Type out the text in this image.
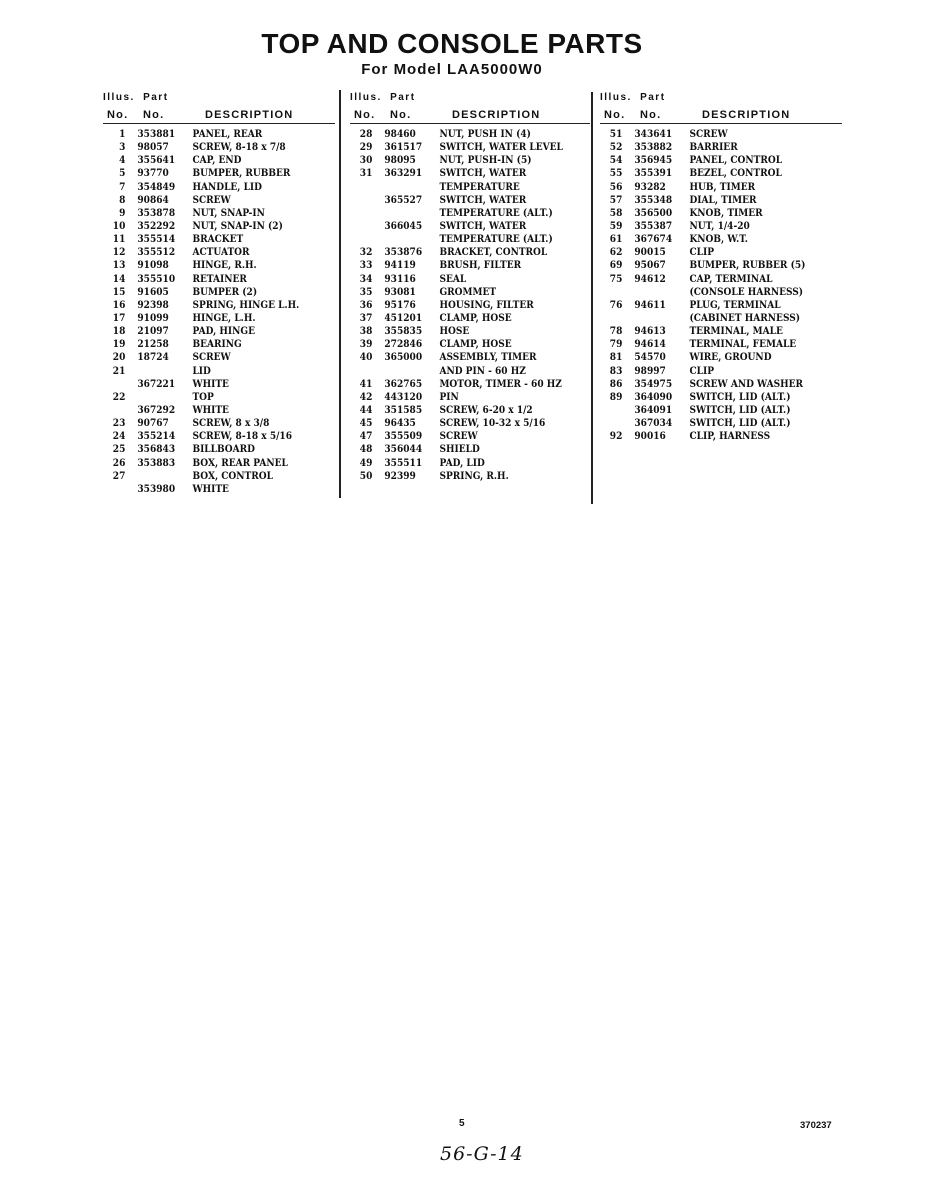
TOP AND CONSOLE PARTS
For Model LAA5000W0
Illus. Part
No. No.	DESCRIPTION
1 353881 PANEL, REAR
3 98057 SCREW, 8-18 x 7/8
4 355641 CAP, END
5 93770 BUMPER, RUBBER
7 354849 HANDLE, LID
8 90864 SCREW
9 353878 NUT, SNAP-IN
10 352292 NUT, SNAP-IN (2)
11 355514 BRACKET
12 355512 ACTUATOR
13 91098 HINGE, R.H.
14 355510 RETAINER
15 91605 BUMPER (2)
16 92398 SPRING, HINGE L.H.
17 91099 HINGE, L.H.
18 21097 PAD, HINGE
19 21258 BEARING
20 18724 SCREW
21	LID
367221 WHITE
22	TOP
367292 WHITE
23 90767 SCREW, 8 x 3/8
24 355214 SCREW, 8-18 x 5/16
25 356843 BILLBOARD
26 353883 BOX, REAR PANEL
27	BOX, CONTROL
353980 WHITE
Illus. Part
No. No.	DESCRIPTION
28 98460 NUT, PUSH IN (4)
29 361517 SWITCH, WATER LEVEL
30 98095 NUT, PUSH-IN (5)
31 363291 SWITCH, WATER
TEMPERATURE
365527 SWITCH, WATER
TEMPERATURE (ALT.)
366045 SWITCH, WATER
TEMPERATURE (ALT.)
32 353876 BRACKET, CONTROL
33 94119 BRUSH, FILTER
34 93116 SEAL
35 93081 GROMMET
36 95176 HOUSING, FILTER
37 451201 CLAMP, HOSE
38 355835 HOSE
39 272846 CLAMP, HOSE
40 365000 ASSEMBLY, TIMER
AND PIN - 60 HZ
41 362765 MOTOR, TIMER - 60 HZ
42 443120 PIN
44 351585 SCREW, 6-20 x 1/2
45 96435 SCREW, 10-32 x 5/16
47 355509 SCREW
48 356044 SHIELD
49 355511 PAD, LID
50 92399 SPRING, R.H.
Illus. Part
No. No.	DESCRIPTION
51 343641 SCREW
52 353882 BARRIER
54 356945 PANEL, CONTROL
55 355391 BEZEL, CONTROL
56 93282 HUB, TIMER
57 355348 DIAL, TIMER
58 356500 KNOB, TIMER
59 355387 NUT, 1/4-20
61 367674 KNOB, W.T.
62 90015 CLIP
69 95067 BUMPER, RUBBER (5)
75 94612 CAP, TERMINAL
(CONSOLE HARNESS)
76 94611 PLUG, TERMINAL
(CABINET HARNESS)
78 94613 TERMINAL, MALE
79 94614 TERMINAL, FEMALE
81 54570 WIRE, GROUND
83 98997 CLIP
86 354975 SCREW AND WASHER
89 364090 SWITCH, LID (ALT.)
364091 SWITCH, LID (ALT.)
367034 SWITCH, LID (ALT.)
92 90016 CLIP, HARNESS
5	370237
56-G-14
